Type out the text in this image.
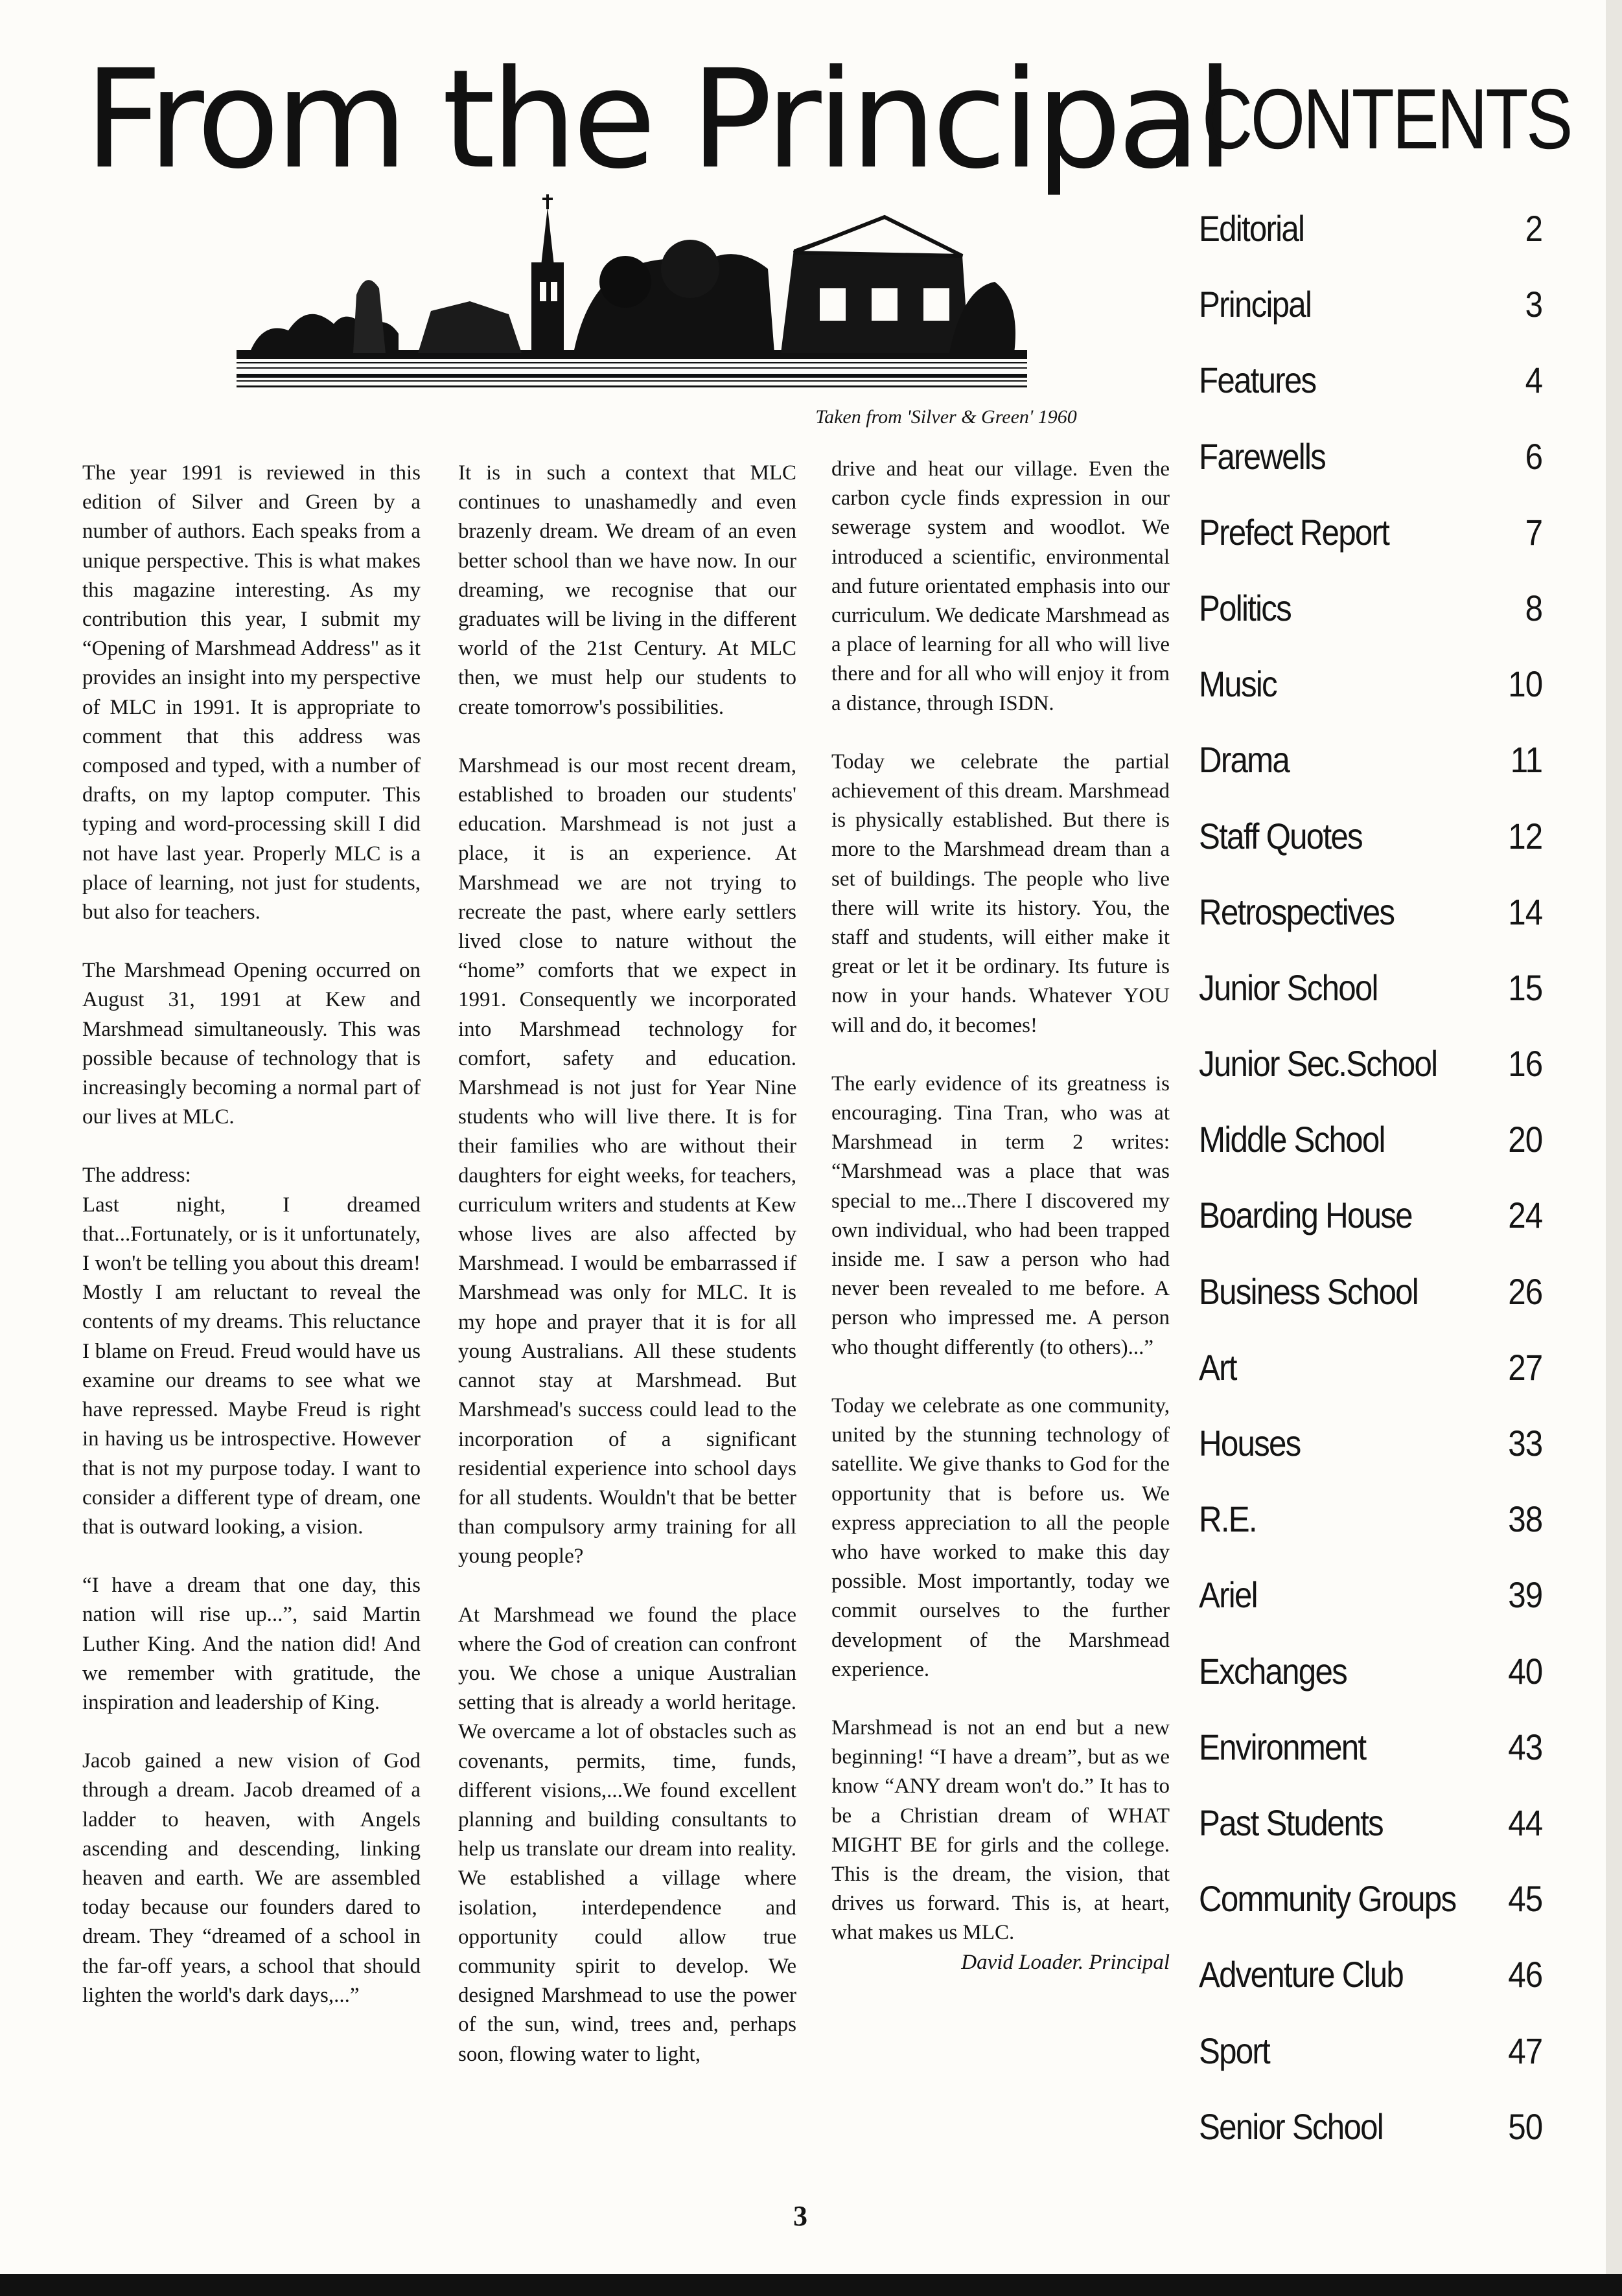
From the Principal
CONTENTS
Taken from 'Silver & Green' 1960

The year 1991 is reviewed in this edition of Silver and Green by a number of authors. Each speaks from a unique perspective. This is what makes this magazine interesting. As my contribution this year, I submit my “Opening of Marshmead Address" as it provides an insight into my perspective of MLC in 1991. It is appropriate to comment that this address was composed and typed, with a number of drafts, on my laptop computer. This typing and word-processing skill I did not have last year. Properly MLC is a place of learning, not just for students, but also for teachers.

The Marshmead Opening occurred on August 31, 1991 at Kew and Marshmead simultaneously. This was possible because of technology that is increasingly becoming a normal part of our lives at MLC.

The address:

Last night, I dreamed that...Fortunately, or is it unfortunately, I won't be telling you about this dream! Mostly I am reluctant to reveal the contents of my dreams. This reluctance I blame on Freud. Freud would have us examine our dreams to see what we have repressed. Maybe Freud is right in having us be introspective. However that is not my purpose today. I want to consider a different type of dream, one that is outward looking, a vision.

“I have a dream that one day, this nation will rise up...”, said Martin Luther King. And the nation did! And we remember with gratitude, the inspiration and leadership of King.

Jacob gained a new vision of God through a dream. Jacob dreamed of a ladder to heaven, with Angels ascending and descending, linking heaven and earth. We are assembled today because our founders dared to dream. They “dreamed of a school in the far-off years, a school that should lighten the world's dark days,...”

It is in such a context that MLC continues to unashamedly and even brazenly dream. We dream of an even better school than we have now. In our dreaming, we recognise that our graduates will be living in the different world of the 21st Century. At MLC then, we must help our students to create tomorrow's possibilities.

Marshmead is our most recent dream, established to broaden our students' education. Marshmead is not just a place, it is an experience. At Marshmead we are not trying to recreate the past, where early settlers lived close to nature without the “home” comforts that we expect in 1991. Consequently we incorporated into Marshmead technology for comfort, safety and education. Marshmead is not just for Year Nine students who will live there. It is for their families who are without their daughters for eight weeks, for teachers, curriculum writers and students at Kew whose lives are also affected by Marshmead. I would be embarrassed if Marshmead was only for MLC. It is my hope and prayer that it is for all young Australians. All these students cannot stay at Marshmead. But Marshmead's success could lead to the incorporation of a significant residential experience into school days for all students. Wouldn't that be better than compulsory army training for all young people?

At Marshmead we found the place where the God of creation can confront you. We chose a unique Australian setting that is already a world heritage. We overcame a lot of obstacles such as covenants, permits, time, funds, different visions,...We found excellent planning and building consultants to help us translate our dream into reality. We established a village where isolation, interdependence and opportunity could allow true community spirit to develop. We designed Marshmead to use the power of the sun, wind, trees and, perhaps soon, flowing water to light,

drive and heat our village. Even the carbon cycle finds expression in our sewerage system and woodlot. We introduced a scientific, environmental and future orientated emphasis into our curriculum. We dedicate Marshmead as a place of learning for all who will live there and for all who will enjoy it from a distance, through ISDN.

Today we celebrate the partial achievement of this dream. Marshmead is physically established. But there is more to the Marshmead dream than a set of buildings. The people who live there will write its history. You, the staff and students, will either make it great or let it be ordinary. Its future is now in your hands. Whatever YOU will and do, it becomes!

The early evidence of its greatness is encouraging. Tina Tran, who was at Marshmead in term 2 writes: “Marshmead was a place that was special to me...There I discovered my own individual, who had been trapped inside me. I saw a person who had never been revealed to me before. A person who impressed me. A person who thought differently (to others)...”

Today we celebrate as one community, united by the stunning technology of satellite. We give thanks to God for the opportunity that is before us. We express appreciation to all the people who have worked to make this day possible. Most importantly, today we commit ourselves to the further development of the Marshmead experience.

Marshmead is not an end but a new beginning! “I have a dream”, but as we know “ANY dream won't do.” It has to be a Christian dream of WHAT MIGHT BE for girls and the college. This is the dream, the vision, that drives us forward. This is, at heart, what makes us MLC.

David Loader. Principal

3
Editorial	2
Principal	3
Features	4
Farewells	6
Prefect Report	7
Politics	8
Music	10
Drama	11
Staff Quotes	12
Retrospectives	14
Junior School	15
Junior Sec.School 16
Middle School	20
Boarding House	24
Business School 26
Art	27
Houses	33
R.E.	38
Ariel	39
Exchanges	40
Environment	43
Past Students	44
Community Groups 45
Adventure Club	46
Sport	47
Senior School	50
